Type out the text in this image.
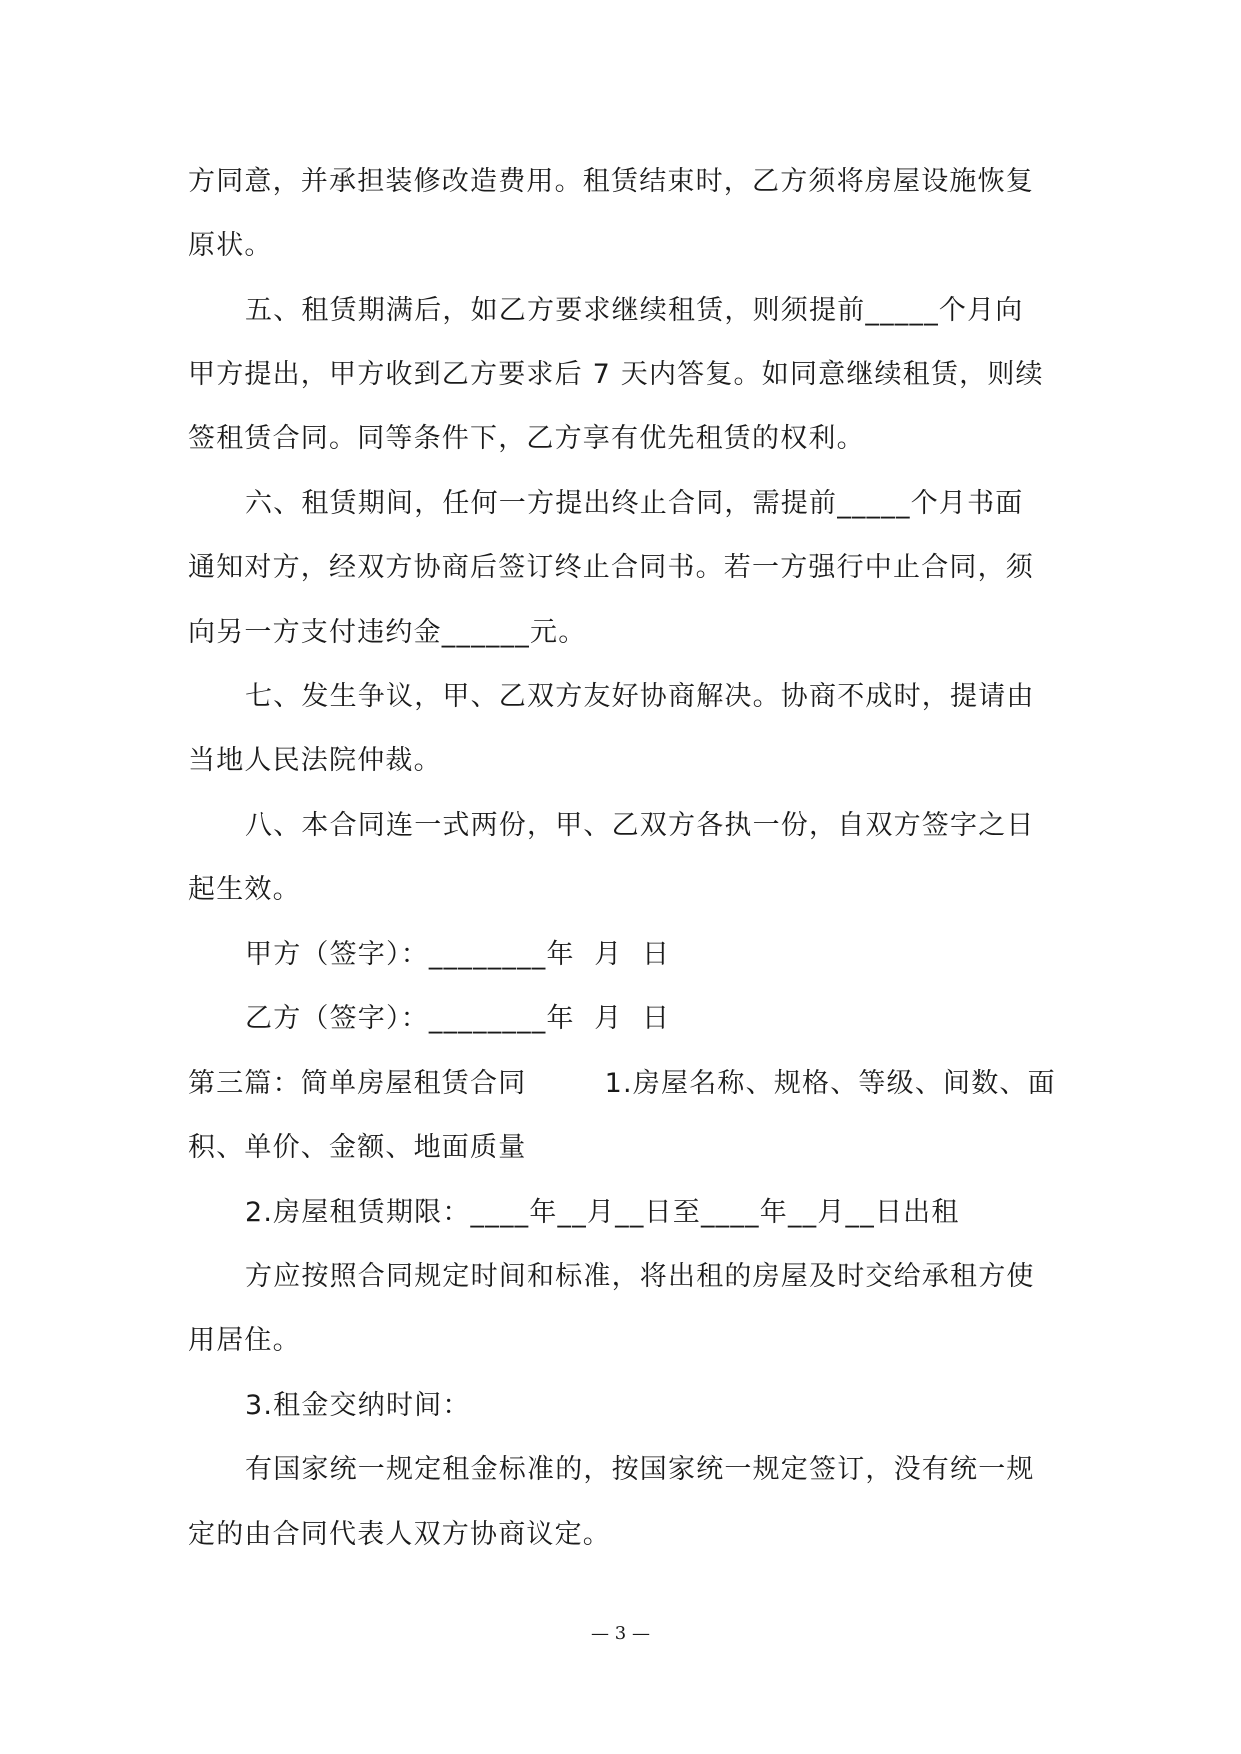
方同意，并承担装修改造费用。租赁结束时，乙方须将房屋设施恢复
原状。
五、租赁期满后，如乙方要求继续租赁，则须提前_____个月向
甲方提出，甲方收到乙方要求后 7 天内答复。如同意继续租赁，则续
签租赁合同。同等条件下，乙方享有优先租赁的权利。
六、租赁期间，任何一方提出终止合同，需提前_____个月书面
通知对方，经双方协商后签订终止合同书。若一方强行中止合同，须
向另一方支付违约金______元。
七、发生争议，甲、乙双方友好协商解决。协商不成时，提请由
当地人民法院仲裁。
八、本合同连一式两份，甲、乙双方各执一份，自双方签字之日
起生效。
甲方（签字）：________年  月  日
乙方（签字）：________年  月  日
第三篇：简单房屋租赁合同        1.房屋名称、规格、等级、间数、面
积、单价、金额、地面质量
2.房屋租赁期限：____年__月__日至____年__月__日出租
方应按照合同规定时间和标准，将出租的房屋及时交给承租方使
用居住。
3.租金交纳时间：
有国家统一规定租金标准的，按国家统一规定签订，没有统一规
定的由合同代表人双方协商议定。
— 3 —
